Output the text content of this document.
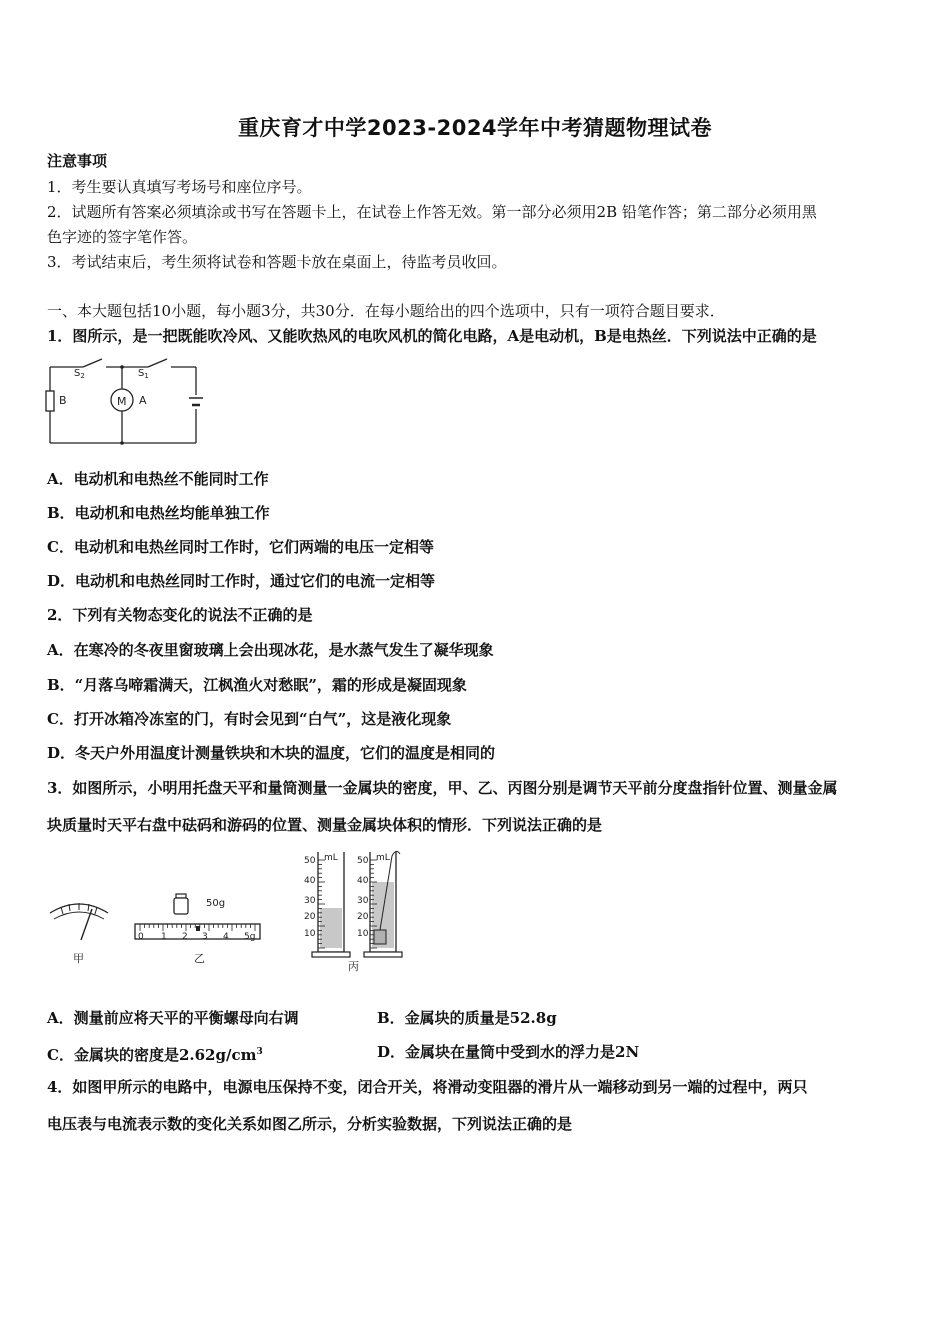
重庆育才中学2023-2024学年中考猜题物理试卷
注意事项
1．考生要认真填写考场号和座位序号。
2．试题所有答案必须填涂或书写在答题卡上，在试卷上作答无效。第一部分必须用2B 铅笔作答；第二部分必须用黑
色字迹的签字笔作答。
3．考试结束后，考生须将试卷和答题卡放在桌面上，待监考员收回。
一、本大题包括10小题，每小题3分，共30分．在每小题给出的四个选项中，只有一项符合题目要求．
1．图所示，是一把既能吹冷风、又能吹热风的电吹风机的简化电路，A是电动机，B是电热丝．下列说法中正确的是
$S_2$	$S_1$
B	M A
A．电动机和电热丝不能同时工作
B．电动机和电热丝均能单独工作
C．电动机和电热丝同时工作时，它们两端的电压一定相等
D．电动机和电热丝同时工作时，通过它们的电流一定相等
2．下列有关物态变化的说法不正确的是
A．在寒冷的冬夜里窗玻璃上会出现冰花，是水蒸气发生了凝华现象
B．“月落乌啼霜满天，江枫渔火对愁眠”，霜的形成是凝固现象
C．打开冰箱冷冻室的门，有时会见到“白气”，这是液化现象
D．冬天户外用温度计测量铁块和木块的温度，它们的温度是相同的
3．如图所示，小明用托盘天平和量筒测量一金属块的密度，甲、乙、丙图分别是调节天平前分度盘指针位置、测量金属
块质量时天平右盘中砝码和游码的位置、测量金属块体积的情形．下列说法正确的是
甲
50g
0 1 2 3 4 5g
乙
mL
50
40
30
20
10
mL
50
40
30
20
10
丙
A．测量前应将天平的平衡螺母向右调	B．金属块的质量是52.8g
C．金属块的密度是$2.62g/cm^3$	D．金属块在量筒中受到水的浮力是2N
4．如图甲所示的电路中，电源电压保持不变，闭合开关，将滑动变阻器的滑片从一端移动到另一端的过程中，两只
电压表与电流表示数的变化关系如图乙所示，分析实验数据，下列说法正确的是
